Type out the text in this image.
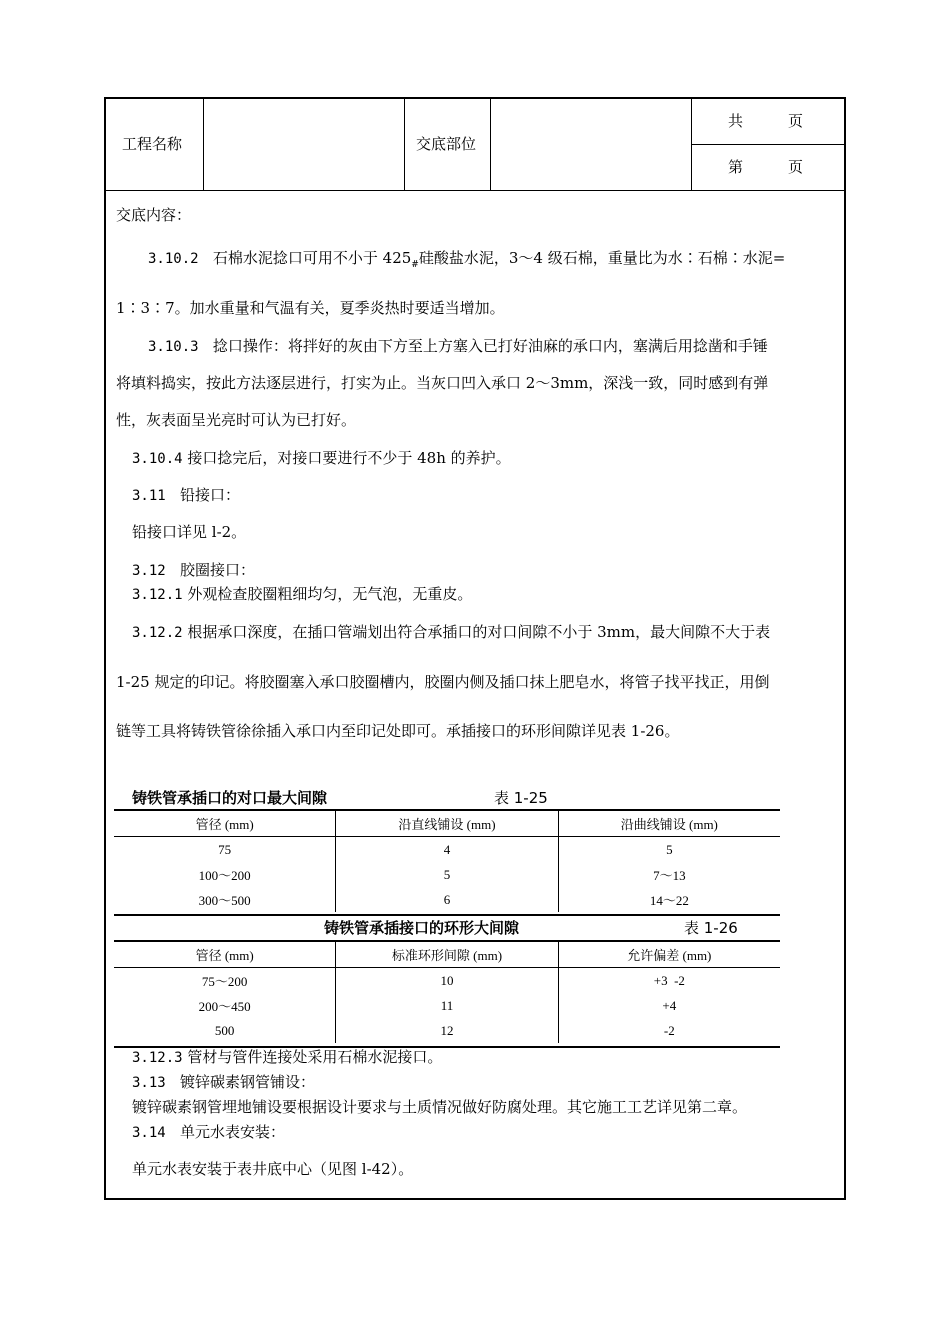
工程名称	交底部位
共　　　页
第　　　页
交底内容：
3.10.2 石棉水泥捻口可用不小于 $425_{\#}$硅酸盐水泥，3～4 级石棉，重量比为水∶石棉∶水泥=
1∶3∶7。加水重量和气温有关，夏季炎热时要适当增加。
3.10.3 捻口操作：将拌好的灰由下方至上方塞入已打好油麻的承口内，塞满后用捻凿和手锤
将填料捣实，按此方法逐层进行，打实为止。当灰口凹入承口 2～3mm，深浅一致，同时感到有弹
性，灰表面呈光亮时可认为已打好。
3.10.4 接口捻完后，对接口要进行不少于 48h 的养护。
3.11 铅接口：
铅接口详见 l-2。
3.12 胶圈接口：
3.12.1 外观检查胶圈粗细均匀，无气泡，无重皮。
3.12.2 根据承口深度，在插口管端划出符合承插口的对口间隙不小于 3mm，最大间隙不大于表
1-25 规定的印记。将胶圈塞入承口胶圈槽内，胶圈内侧及插口抹上肥皂水，将管子找平找正，用倒
链等工具将铸铁管徐徐插入承口内至印记处即可。承插接口的环形间隙详见表 1-26。
铸铁管承插口的对口最大间隙	表 1-25
管径 (mm)	沿直线铺设 (mm)	沿曲线铺设 (mm)
75	4	5
100～200	5	7～13
300～500	6	14～22
铸铁管承插接口的环形大间隙	表 1-26
管径 (mm)	标准环形间隙 (mm)	允许偏差 (mm)
75～200	10	+3  -2
200～450	11	+4
500	12	-2
3.12.3 管材与管件连接处采用石棉水泥接口。
3.13 镀锌碳素钢管铺设：
镀锌碳素钢管埋地铺设要根据设计要求与土质情况做好防腐处理。其它施工工艺详见第二章。
3.14 单元水表安装：
单元水表安装于表井底中心（见图 l-42）。
